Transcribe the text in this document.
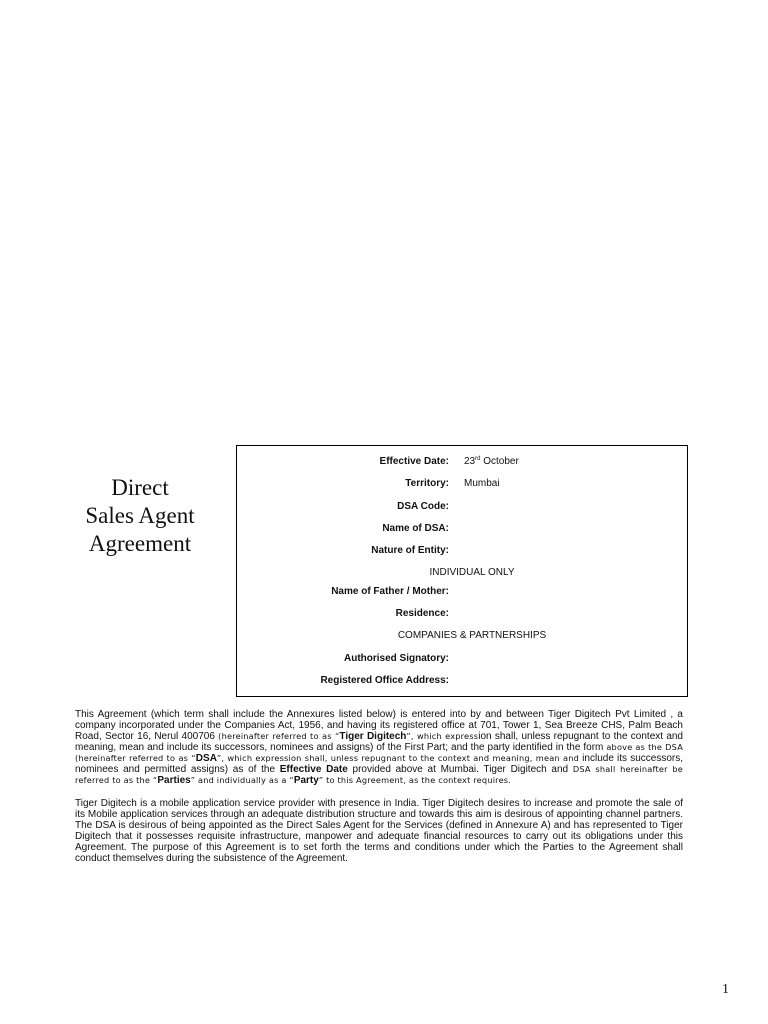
Direct
Sales Agent
Agreement
Effective Date: 23rd October
Territory: Mumbai
DSA Code:
Name of DSA:
Nature of Entity:
INDIVIDUAL ONLY
Name of Father / Mother:
Residence:
COMPANIES & PARTNERSHIPS
Authorised Signatory:
Registered Office Address:

This Agreement (which term shall include the Annexures listed below) is entered into by and between Tiger Digitech Pvt Limited , a company incorporated under the Companies Act, 1956, and having its registered office at 701, Tower 1, Sea Breeze CHS, Palm Beach Road, Sector 16, Nerul 400706 (hereinafter referred to as “Tiger Digitech”, which expression shall, unless repugnant to the context and meaning, mean and include its successors, nominees and assigns) of the First Part; and the party identified in the form above as the DSA (hereinafter referred to as “DSA”, which expression shall, unless repugnant to the context and meaning, mean and include its successors, nominees and permitted assigns) as of the Effective Date provided above at Mumbai. Tiger Digitech and DSA shall hereinafter be referred to as the “Parties” and individually as a “Party” to this Agreement, as the context requires.

Tiger Digitech is a mobile application service provider with presence in India. Tiger Digitech desires to increase and promote the sale of its Mobile application services through an adequate distribution structure and towards this aim is desirous of appointing channel partners. The DSA is desirous of being appointed as the Direct Sales Agent for the Services (defined in Annexure A) and has represented to Tiger Digitech that it possesses requisite infrastructure, manpower and adequate financial resources to carry out its obligations under this Agreement. The purpose of this Agreement is to set forth the terms and conditions under which the Parties to the Agreement shall conduct themselves during the subsistence of the Agreement.

1
